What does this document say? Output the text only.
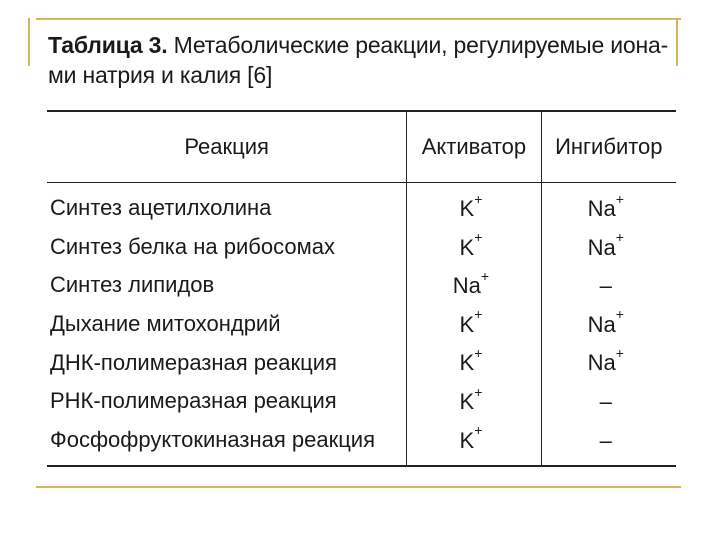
Таблица 3. Метаболические реакции, регулируемые иона-
ми натрия и калия [6]
Реакция	Активатор	Ингибитор
Синтез ацетилхолина	K+	Na+
Синтез белка на рибосомах	K+	Na+
Синтез липидов	Na+	–
Дыхание митохондрий	K+	Na+
ДНК-полимеразная реакция	K+	Na+
РНК-полимеразная реакция	K+	–
Фосфофруктокиназная реакция	K+	–
